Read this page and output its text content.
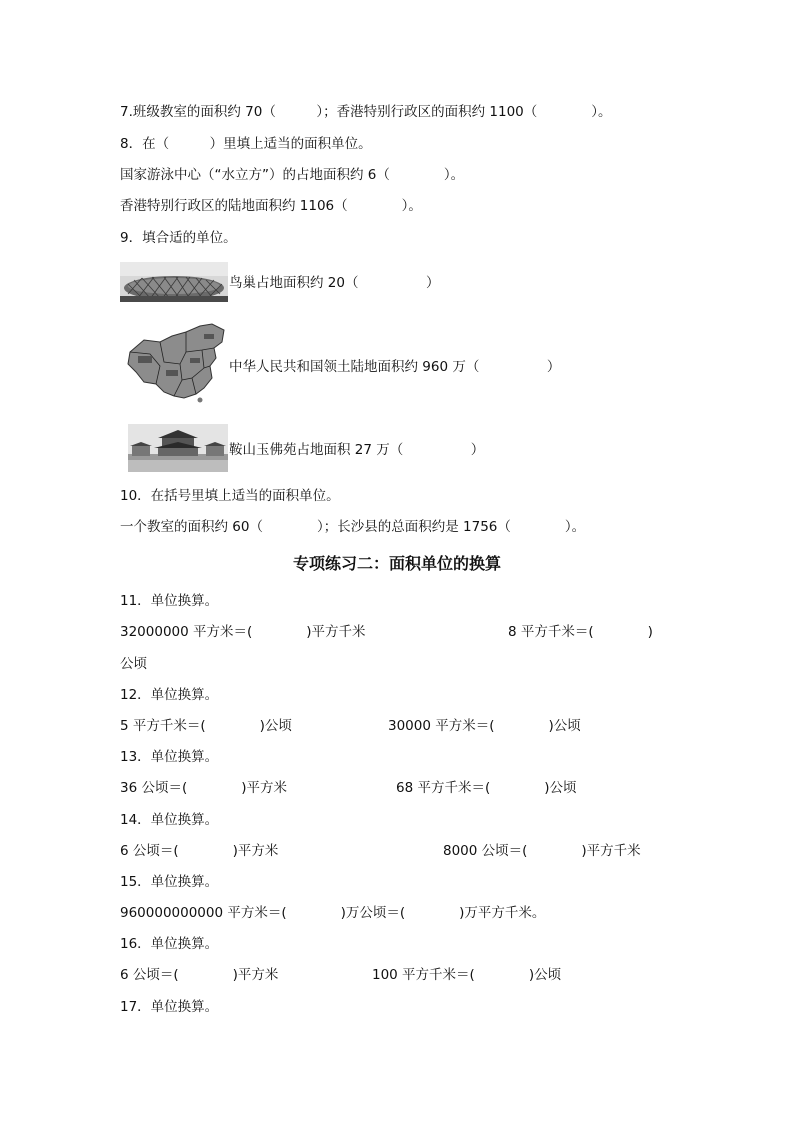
7.班级教室的面积约 70（　　　）；香港特别行政区的面积约 1100（　　　　）。
8．在（　　　）里填上适当的面积单位。
国家游泳中心（“水立方”）的占地面积约 6（　　　　）。
香港特别行政区的陆地面积约 1106（　　　　）。
9．填合适的单位。
鸟巢占地面积约 20（　　　　　）
中华人民共和国领土陆地面积约 960 万（　　　　　）
鞍山玉佛苑占地面积 27 万（　　　　　）
10．在括号里填上适当的面积单位。
一个教室的面积约 60（　　　　）；长沙县的总面积约是 1756（　　　　）。
专项练习二：面积单位的换算
11．单位换算。
32000000 平方米＝(　　　　)平方千米	8 平方千米＝(　　　　)
公顷
12．单位换算。
5 平方千米＝(　　　　)公顷	30000 平方米＝(　　　　)公顷
13．单位换算。
36 公顷＝(　　　　)平方米	68 平方千米＝(　　　　)公顷
14．单位换算。
6 公顷＝(　　　　)平方米	8000 公顷＝(　　　　)平方千米
15．单位换算。
960000000000 平方米＝(　　　　)万公顷＝(　　　　)万平方千米。
16．单位换算。
6 公顷＝(　　　　)平方米	100 平方千米＝(　　　　)公顷
17．单位换算。
